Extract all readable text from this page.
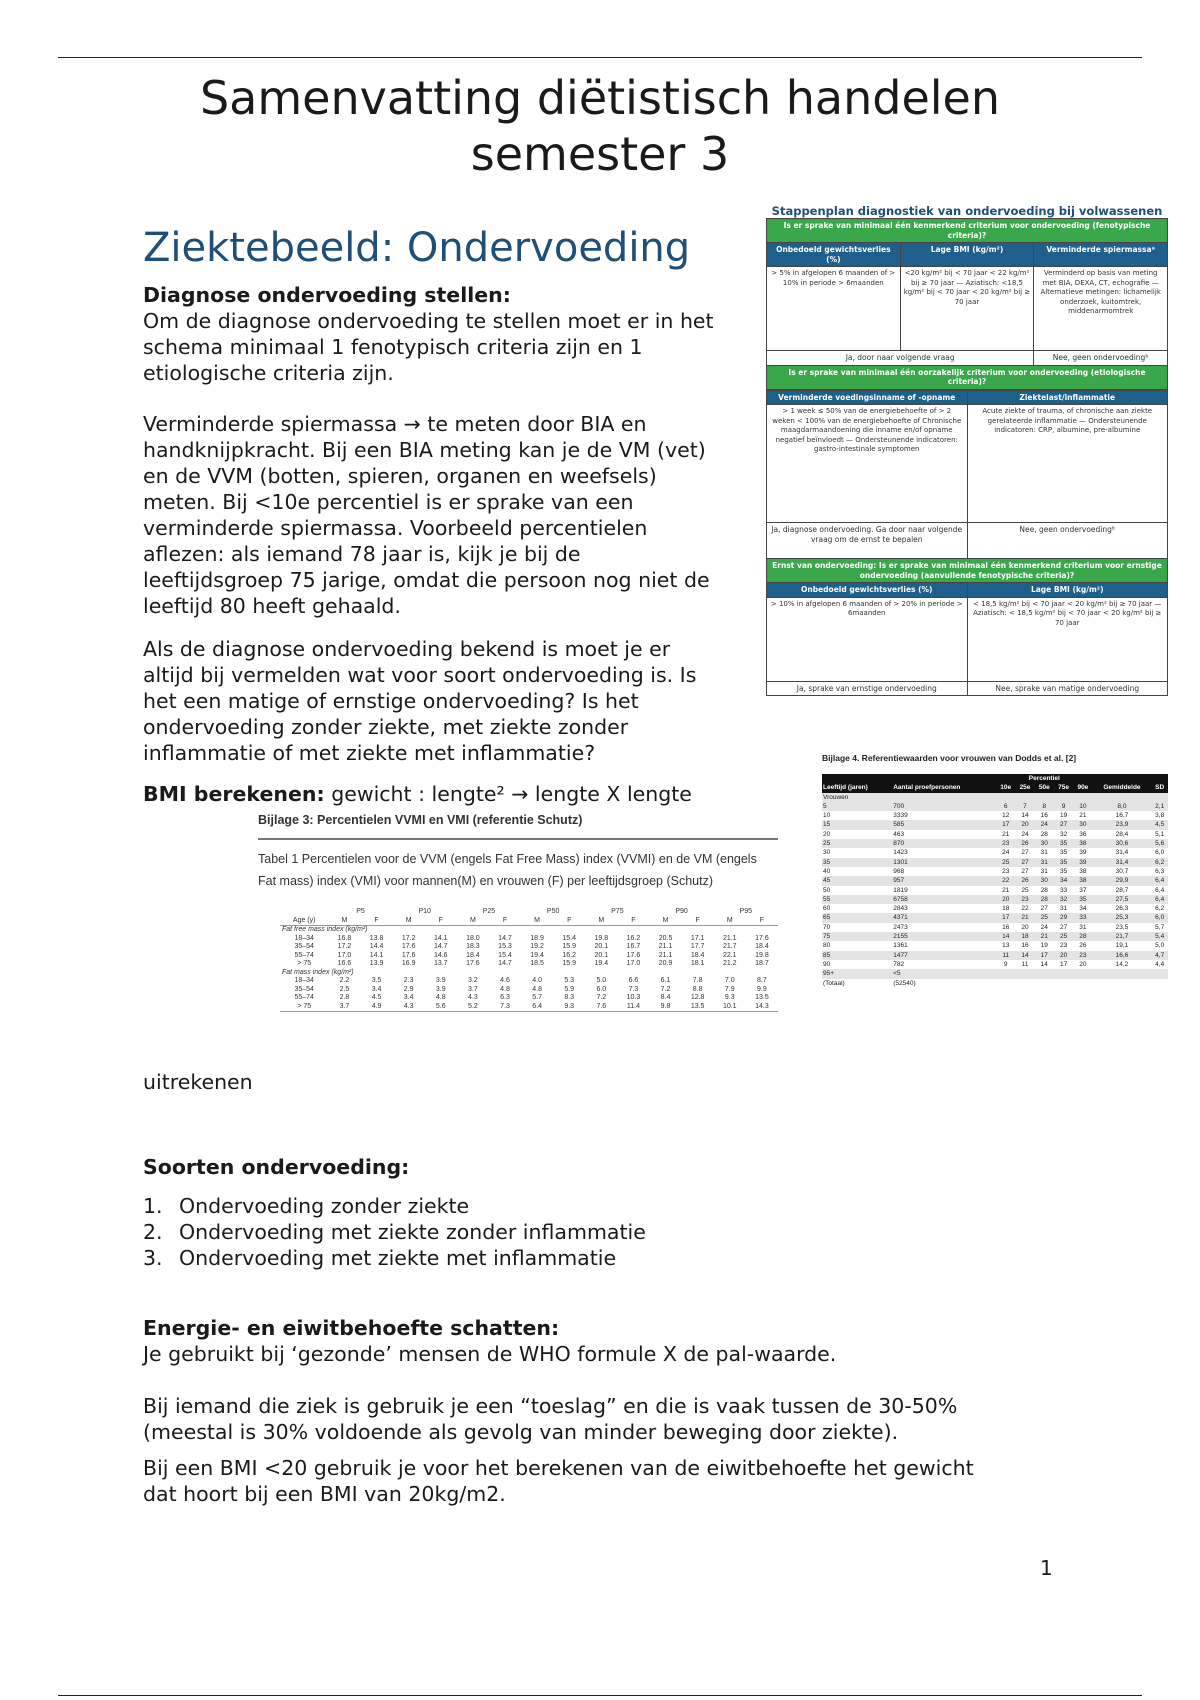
Samenvatting diëtistisch handelen
semester 3
Ziektebeeld: Ondervoeding
Diagnose ondervoeding stellen:
Om de diagnose ondervoeding te stellen moet er in het
schema minimaal 1 fenotypisch criteria zijn en 1
etiologische criteria zijn.
Verminderde spiermassa → te meten door BIA en
handknijpkracht. Bij een BIA meting kan je de VM (vet)
en de VVM (botten, spieren, organen en weefsels)
meten. Bij <10e percentiel is er sprake van een
verminderde spiermassa. Voorbeeld percentielen
aflezen: als iemand 78 jaar is, kijk je bij de
leeftijdsgroep 75 jarige, omdat die persoon nog niet de
leeftijd 80 heeft gehaald.
Als de diagnose ondervoeding bekend is moet je er
altijd bij vermelden wat voor soort ondervoeding is. Is
het een matige of ernstige ondervoeding? Is het
ondervoeding zonder ziekte, met ziekte zonder
inflammatie of met ziekte met inflammatie?
BMI berekenen: gewicht : lengte² → lengte X lengte
uitrekenen
Soorten ondervoeding:
1. Ondervoeding zonder ziekte
2. Ondervoeding met ziekte zonder inflammatie
3. Ondervoeding met ziekte met inflammatie
Energie- en eiwitbehoefte schatten:
Je gebruikt bij ‘gezonde’ mensen de WHO formule X de pal-waarde.
Bij iemand die ziek is gebruik je een “toeslag” en die is vaak tussen de 30-50%
(meestal is 30% voldoende als gevolg van minder beweging door ziekte).
Bij een BMI <20 gebruik je voor het berekenen van de eiwitbehoefte het gewicht
dat hoort bij een BMI van 20kg/m2.
1
Stappenplan diagnostiek van ondervoeding bij volwassenen
Is er sprake van minimaal één kenmerkend criterium voor ondervoeding (fenotypische criteria)?		
Onbedoeld gewichtsverlies (%)	Lage BMI (kg/m²)	Verminderde spiermassaᵃ
> 5% in afgelopen 6 maanden of > 10% in periode > 6maanden	<20 kg/m² bij < 70 jaar < 22 kg/m² bij ≥ 70 jaar — Aziatisch: <18,5 kg/m² bij < 70 jaar < 20 kg/m² bij ≥ 70 jaar	Verminderd op basis van meting met BIA, DEXA, CT, echografie — Alternatieve metingen: lichamelijk onderzoek, kuitomtrek, middenarmomtrek
Ja, door naar volgende vraag		Nee, geen ondervoedingᵇ
Is er sprake van minimaal één oorzakelijk criterium voor ondervoeding (etiologische criteria)?		
Verminderde voedingsinname of -opname	Ziektelast/inflammatie
> 1 week ≤ 50% van de energiebehoefte of > 2 weken < 100% van de energiebehoefte of Chronische maagdarmaandoening die inname en/of opname negatief beïnvloedt — Ondersteunende indicatoren: gastro-intestinale symptomen	Acute ziekte of trauma, of chronische aan ziekte gerelateerde inflammatie — Ondersteunende indicatoren: CRP, albumine, pre-albumine
Ja, diagnose ondervoeding. Ga door naar volgende vraag om de ernst te bepalen	Nee, geen ondervoedingᵇ
Ernst van ondervoeding: Is er sprake van minimaal één kenmerkend criterium voor ernstige ondervoeding (aanvullende fenotypische criteria)?	
Onbedoeld gewichtsverlies (%)	Lage BMI (kg/m²)
> 10% in afgelopen 6 maanden of > 20% in periode > 6maanden	< 18,5 kg/m² bij < 70 jaar < 20 kg/m² bij ≥ 70 jaar — Aziatisch: < 18,5 kg/m² bij < 70 jaar < 20 kg/m² bij ≥ 70 jaar
Ja, sprake van ernstige ondervoeding	Nee, sprake van matige ondervoeding
Bijlage 3: Percentielen VVMI en VMI (referentie Schutz)
Tabel 1 Percentielen voor de VVM (engels Fat Free Mass) index (VVMI) en de VM (engels Fat mass) index (VMI) voor mannen(M) en vrouwen (F) per leeftijdsgroep (Schutz)
	P5		P10		P25		P50		P75		P90		P95	
Age (y)	M	F	M	F	M	F	M	F	M	F	M	F	M	F
Fat free mass index (kg/m²)														
18–34	16.8	13.8	17.2	14.1	18.0	14.7	18.9	15.4	19.8	16.2	20.5	17.1	21.1	17.6
35–54	17.2	14.4	17.6	14.7	18.3	15.3	19.2	15.9	20.1	16.7	21.1	17.7	21.7	18.4
55–74	17.0	14.1	17.6	14.6	18.4	15.4	19.4	16.2	20.1	17.6	21.1	18.4	22.1	19.8
> 75	16.6	13.9	16.9	13.7	17.6	14.7	18.5	15.9	19.4	17.0	20.9	18.1	21.2	18.7
Fat mass index (kg/m²)														
18–34	2.2	3.5	2.3	3.9	3.2	4.6	4.0	5.3	5.0	6.6	6.1	7.8	7.0	8.7
35–54	2.5	3.4	2.9	3.9	3.7	4.8	4.8	5.9	6.0	7.3	7.2	8.8	7.9	9.9
55–74	2.8	4.5	3.4	4.8	4.3	6.3	5.7	8.3	7.2	10.3	8.4	12.8	9.3	13.5
> 75	3.7	4.9	4.3	5.6	5.2	7.3	6.4	9.3	7.6	11.4	9.8	13.5	10.1	14.3
Bijlage 4. Referentiewaarden voor vrouwen van Dodds et al. [2]
		Percentiel						
Leeftijd (jaren)	Aantal proefpersonen	10e	25e	50e	75e	90e	Gemiddelde	SD
Vrouwen								
5	700	6	7	8	9	10	8,0	2,1
10	3339	12	14	16	19	21	16,7	3,8
15	585	17	20	24	27	30	23,9	4,5
20	463	21	24	28	32	36	28,4	5,1
25	870	23	26	30	35	38	30,6	5,6
30	1423	24	27	31	35	39	31,4	6,0
35	1301	25	27	31	35	39	31,4	6,2
40	968	23	27	31	35	38	30,7	6,3
45	957	22	26	30	34	38	29,9	6,4
50	1819	21	25	28	33	37	28,7	6,4
55	6758	20	23	28	32	35	27,5	6,4
60	2843	18	22	27	31	34	26,3	6,2
65	4371	17	21	25	29	33	25,3	6,0
70	2473	16	20	24	27	31	23,5	5,7
75	2155	14	18	21	25	28	21,7	5,4
80	1361	13	16	19	23	26	19,1	5,0
85	1477	11	14	17	20	23	16,6	4,7
90	782	9	11	14	17	20	14,2	4,4
95+	<5							
(Totaal)	(52540)							
